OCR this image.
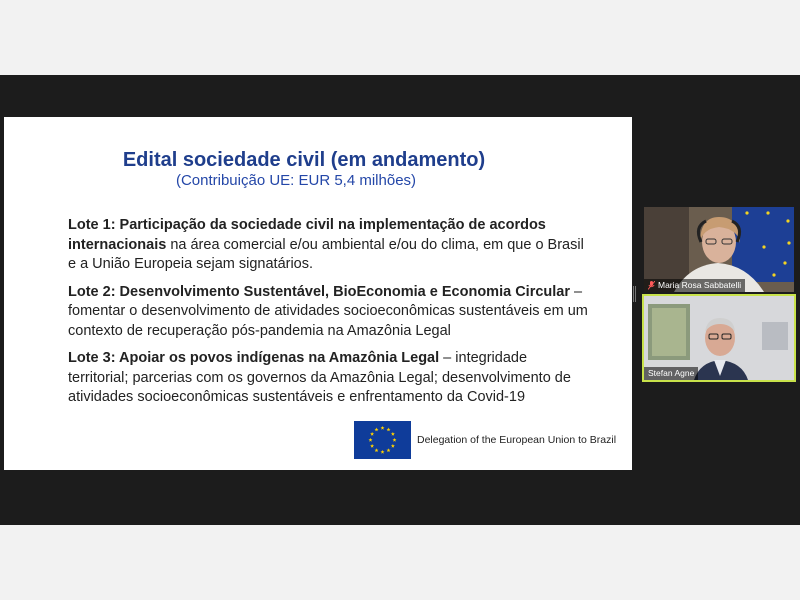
Edital sociedade civil (em andamento)
(Contribuição UE: EUR 5,4 milhões)

Lote 1: Participação da sociedade civil na implementação de acordos internacionais na área comercial e/ou ambiental e/ou do clima, em que o Brasil e a União Europeia sejam signatários.

Lote 2: Desenvolvimento Sustentável, BioEconomia e Economia Circular – fomentar o desenvolvimento de atividades socioeconômicas sustentáveis em um contexto de recuperação pós-pandemia na Amazônia Legal

Lote 3: Apoiar os povos indígenas na Amazônia Legal – integridade territorial; parcerias com os governos da Amazônia Legal; desenvolvimento de atividades socioeconômicas sustentáveis e enfrentamento da Covid-19

Delegation of the European Union to Brazil
Maria Rosa Sabbatelli
Stefan Agne
